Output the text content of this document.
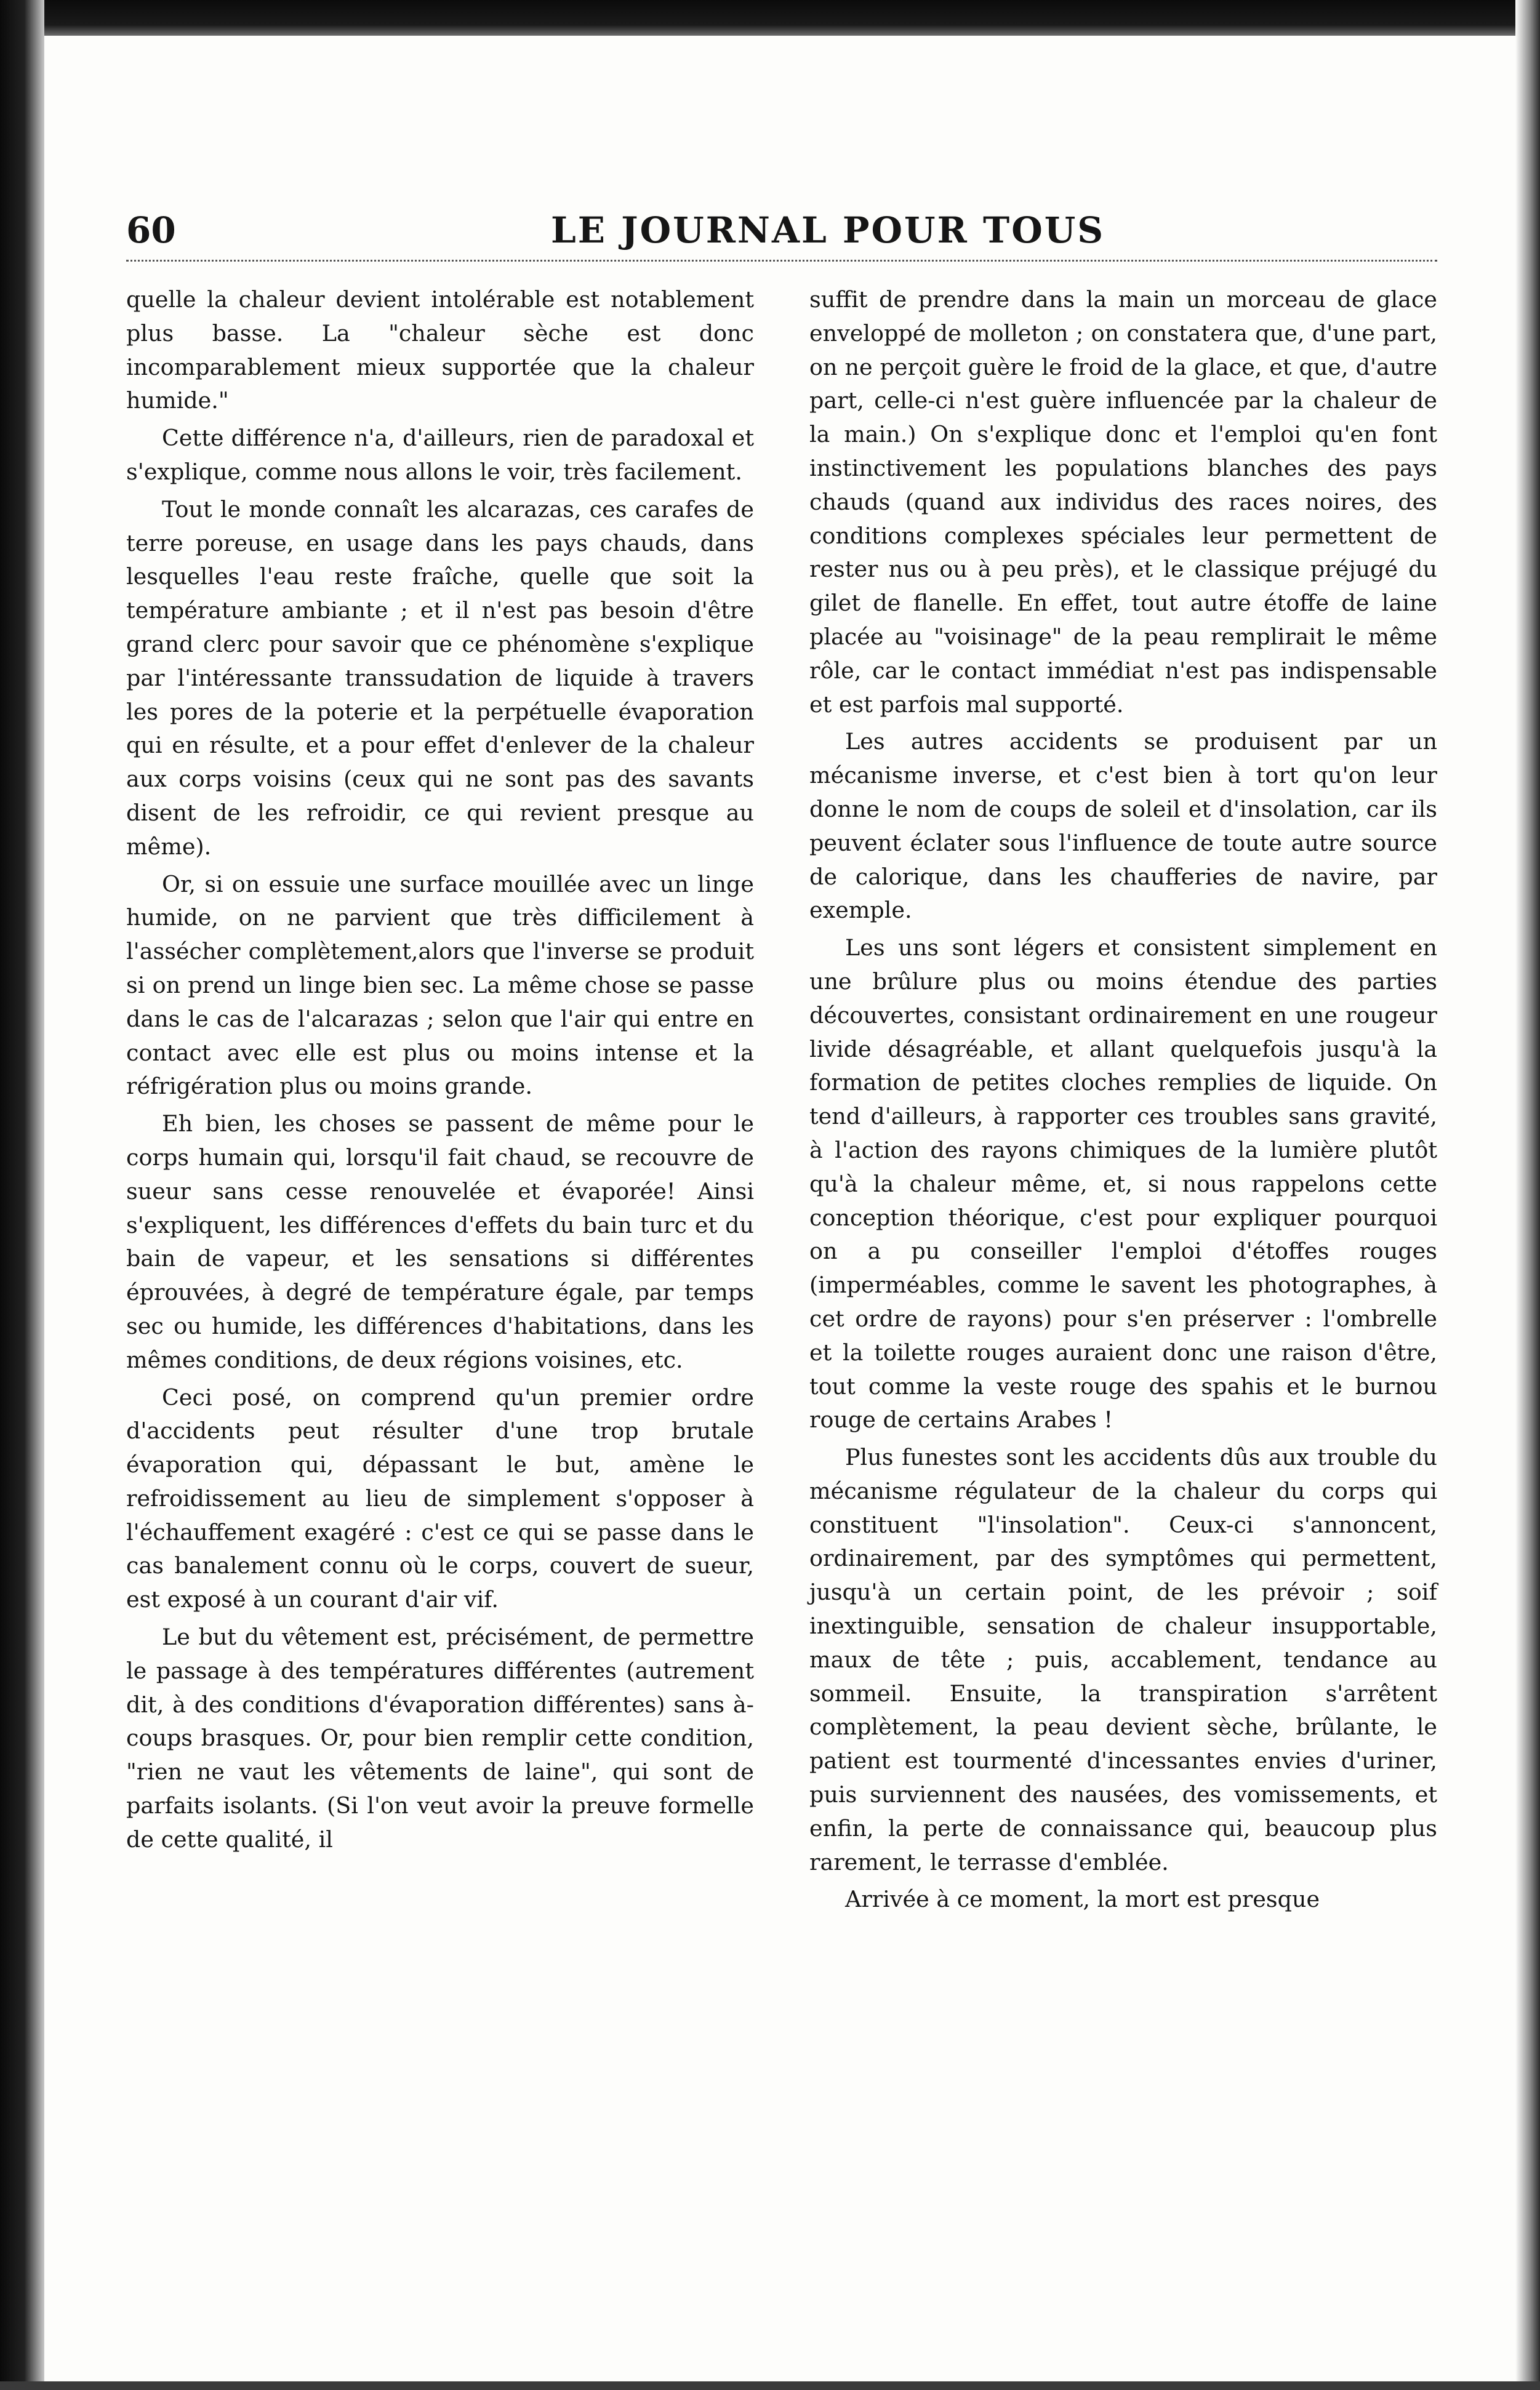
60	LE JOURNAL POUR TOUS

quelle la chaleur devient intolérable est notablement plus basse. La "chaleur sèche est donc incomparablement mieux supportée que la chaleur humide."

Cette différence n'a, d'ailleurs, rien de paradoxal et s'explique, comme nous allons le voir, très facilement.

Tout le monde connaît les alcarazas, ces carafes de terre poreuse, en usage dans les pays chauds, dans lesquelles l'eau reste fraîche, quelle que soit la température ambiante ; et il n'est pas besoin d'être grand clerc pour savoir que ce phénomène s'explique par l'intéressante transsudation de liquide à travers les pores de la poterie et la perpétuelle évaporation qui en résulte, et a pour effet d'enlever de la chaleur aux corps voisins (ceux qui ne sont pas des savants disent de les refroidir, ce qui revient presque au même).

Or, si on essuie une surface mouillée avec un linge humide, on ne parvient que très difficilement à l'assécher complètement,alors que l'inverse se produit si on prend un linge bien sec. La même chose se passe dans le cas de l'alcarazas ; selon que l'air qui entre en contact avec elle est plus ou moins intense et la réfrigération plus ou moins grande.

Eh bien, les choses se passent de même pour le corps humain qui, lorsqu'il fait chaud, se recouvre de sueur sans cesse renouvelée et évaporée! Ainsi s'expliquent, les différences d'effets du bain turc et du bain de vapeur, et les sensations si différentes éprouvées, à degré de température égale, par temps sec ou humide, les différences d'habitations, dans les mêmes conditions, de deux régions voisines, etc.

Ceci posé, on comprend qu'un premier ordre d'accidents peut résulter d'une trop brutale évaporation qui, dépassant le but, amène le refroidissement au lieu de simplement s'opposer à l'échauffement exagéré : c'est ce qui se passe dans le cas banalement connu où le corps, couvert de sueur, est exposé à un courant d'air vif.

Le but du vêtement est, précisément, de permettre le passage à des températures différentes (autrement dit, à des conditions d'évaporation différentes) sans à-coups brasques. Or, pour bien remplir cette condition, "rien ne vaut les vêtements de laine", qui sont de parfaits isolants. (Si l'on veut avoir la preuve formelle de cette qualité, il

suffit de prendre dans la main un morceau de glace enveloppé de molleton ; on constatera que, d'une part, on ne perçoit guère le froid de la glace, et que, d'autre part, celle-ci n'est guère influencée par la chaleur de la main.) On s'explique donc et l'emploi qu'en font instinctivement les populations blanches des pays chauds (quand aux individus des races noires, des conditions complexes spéciales leur permettent de rester nus ou à peu près), et le classique préjugé du gilet de flanelle. En effet, tout autre étoffe de laine placée au "voisinage" de la peau remplirait le même rôle, car le contact immédiat n'est pas indispensable et est parfois mal supporté.

Les autres accidents se produisent par un mécanisme inverse, et c'est bien à tort qu'on leur donne le nom de coups de soleil et d'insolation, car ils peuvent éclater sous l'influence de toute autre source de calorique, dans les chaufferies de navire, par exemple.

Les uns sont légers et consistent simplement en une brûlure plus ou moins étendue des parties découvertes, consistant ordinairement en une rougeur livide désagréable, et allant quelquefois jusqu'à la formation de petites cloches remplies de liquide. On tend d'ailleurs, à rapporter ces troubles sans gravité, à l'action des rayons chimiques de la lumière plutôt qu'à la chaleur même, et, si nous rappelons cette conception théorique, c'est pour expliquer pourquoi on a pu conseiller l'emploi d'étoffes rouges (imperméables, comme le savent les photographes, à cet ordre de rayons) pour s'en préserver : l'ombrelle et la toilette rouges auraient donc une raison d'être, tout comme la veste rouge des spahis et le burnou rouge de certains Arabes !

Plus funestes sont les accidents dûs aux trouble du mécanisme régulateur de la chaleur du corps qui constituent "l'insolation". Ceux-ci s'annoncent, ordinairement, par des symptômes qui permettent, jusqu'à un certain point, de les prévoir ; soif inextinguible, sensation de chaleur insupportable, maux de tête ; puis, accablement, tendance au sommeil. Ensuite, la transpiration s'arrêtent complètement, la peau devient sèche, brûlante, le patient est tourmenté d'incessantes envies d'uriner, puis surviennent des nausées, des vomissements, et enfin, la perte de connaissance qui, beaucoup plus rarement, le terrasse d'emblée.

Arrivée à ce moment, la mort est presque
